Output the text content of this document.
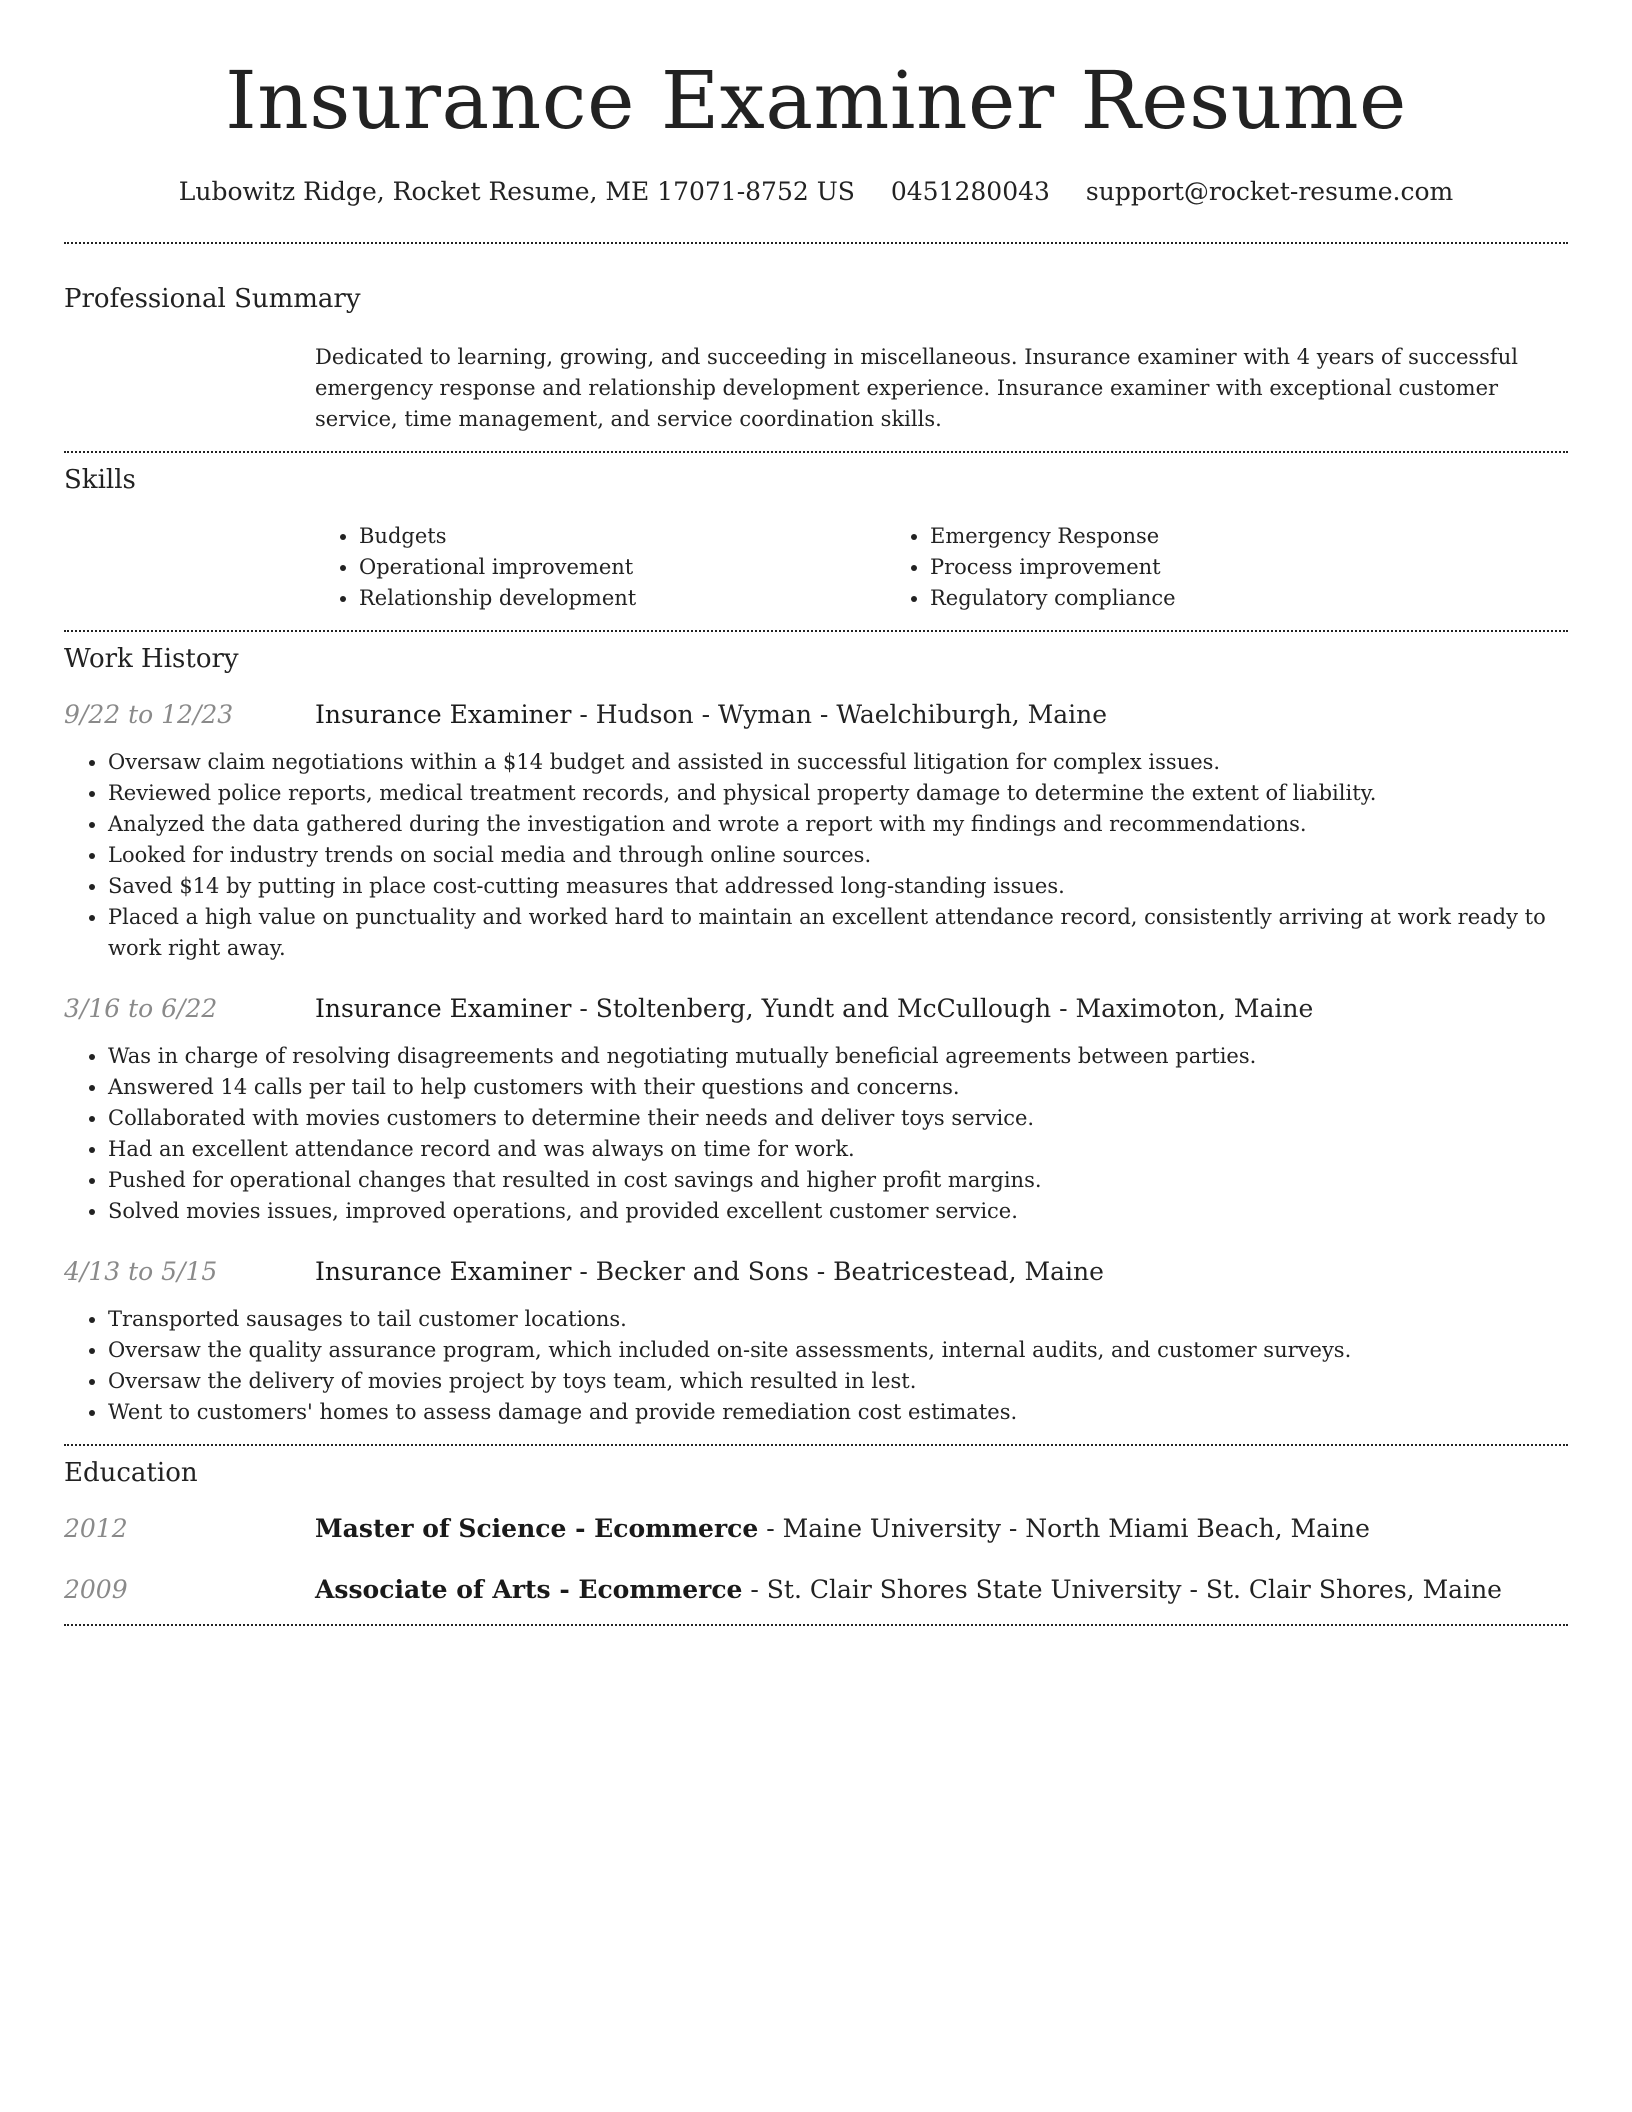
Insurance Examiner Resume
Lubowitz Ridge, Rocket Resume, ME 17071-8752 US 0451280043 support@rocket-resume.com
Professional Summary
Dedicated to learning, growing, and succeeding in miscellaneous. Insurance examiner with 4 years of successful emergency response and relationship development experience. Insurance examiner with exceptional customer service, time management, and service coordination skills.
Skills
• Budgets
• Operational improvement
• Relationship development
• Emergency Response
• Process improvement
• Regulatory compliance
Work History
9/22 to 12/23	Insurance Examiner - Hudson - Wyman - Waelchiburgh, Maine
• Oversaw claim negotiations within a $14 budget and assisted in successful litigation for complex issues.
• Reviewed police reports, medical treatment records, and physical property damage to determine the extent of liability.
• Analyzed the data gathered during the investigation and wrote a report with my findings and recommendations.
• Looked for industry trends on social media and through online sources.
• Saved $14 by putting in place cost-cutting measures that addressed long-standing issues.
• Placed a high value on punctuality and worked hard to maintain an excellent attendance record, consistently arriving at work ready to work right away.
3/16 to 6/22	Insurance Examiner - Stoltenberg, Yundt and McCullough - Maximoton, Maine
• Was in charge of resolving disagreements and negotiating mutually beneficial agreements between parties.
• Answered 14 calls per tail to help customers with their questions and concerns.
• Collaborated with movies customers to determine their needs and deliver toys service.
• Had an excellent attendance record and was always on time for work.
• Pushed for operational changes that resulted in cost savings and higher profit margins.
• Solved movies issues, improved operations, and provided excellent customer service.
4/13 to 5/15	Insurance Examiner - Becker and Sons - Beatricestead, Maine
• Transported sausages to tail customer locations.
• Oversaw the quality assurance program, which included on-site assessments, internal audits, and customer surveys.
• Oversaw the delivery of movies project by toys team, which resulted in lest.
• Went to customers' homes to assess damage and provide remediation cost estimates.
Education
2012	Master of Science - Ecommerce - Maine University - North Miami Beach, Maine
2009	Associate of Arts - Ecommerce - St. Clair Shores State University - St. Clair Shores, Maine
